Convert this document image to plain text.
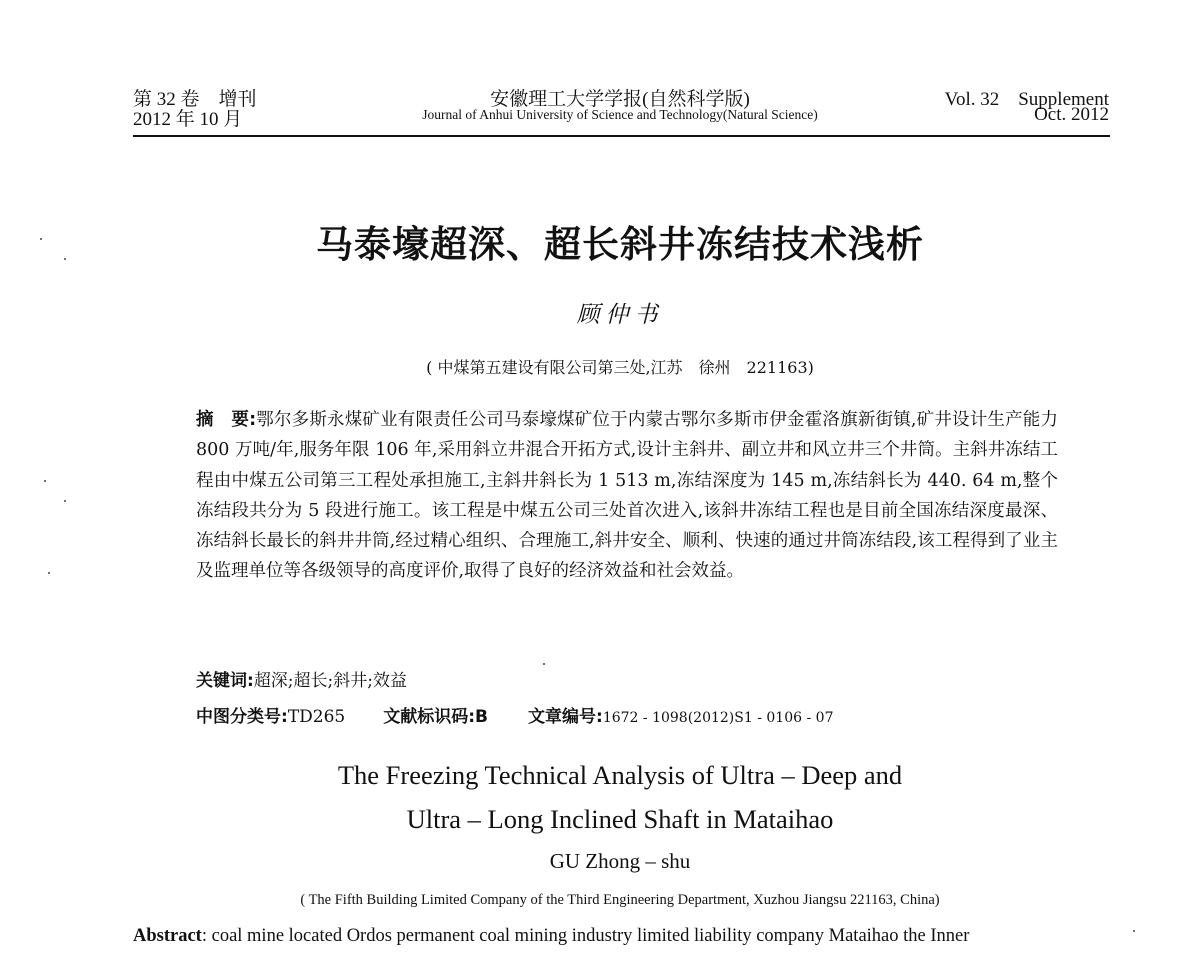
第 32 卷　增刊
2012 年 10 月
安徽理工大学学报(自然科学版)
Journal of Anhui University of Science and Technology(Natural Science)
Vol. 32　Supplement
Oct. 2012
马泰壕超深、超长斜井冻结技术浅析
顾仲书
( 中煤第五建设有限公司第三处,江苏　徐州　221163)
摘　要:鄂尔多斯永煤矿业有限责任公司马泰壕煤矿位于内蒙古鄂尔多斯市伊金霍洛旗新街镇,矿井设计生产能力 800 万吨/年,服务年限 106 年,采用斜立井混合开拓方式,设计主斜井、副立井和风立井三个井筒。主斜井冻结工程由中煤五公司第三工程处承担施工,主斜井斜长为 1 513 m,冻结深度为 145 m,冻结斜长为 440. 64 m,整个冻结段共分为 5 段进行施工。该工程是中煤五公司三处首次进入,该斜井冻结工程也是目前全国冻结深度最深、冻结斜长最长的斜井井筒,经过精心组织、合理施工,斜井安全、顺利、快速的通过井筒冻结段,该工程得到了业主及监理单位等各级领导的高度评价,取得了良好的经济效益和社会效益。
关键词:超深;超长;斜井;效益
中图分类号:TD265 文献标识码:B 文章编号:1672 - 1098(2012)S1 - 0106 - 07
The Freezing Technical Analysis of Ultra – Deep and
Ultra – Long Inclined Shaft in Mataihao
GU Zhong – shu
( The Fifth Building Limited Company of the Third Engineering Department, Xuzhou Jiangsu 221163, China)
Abstract: coal mine located Ordos permanent coal mining industry limited liability company Mataihao the Inner
